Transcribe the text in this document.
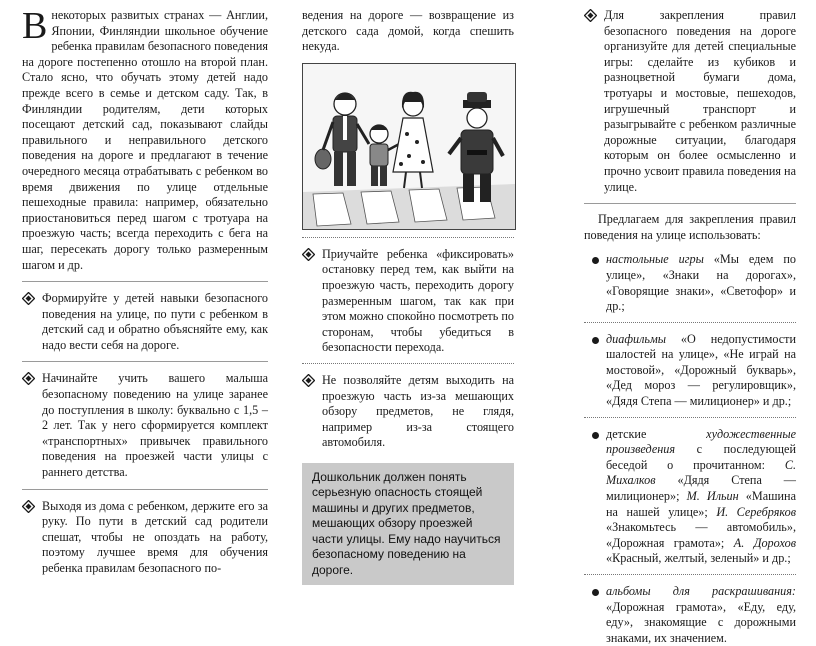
Внекоторых развитых странах — Англии, Японии, Финляндии школьное обучение ребенка правилам безопасного поведения на дороге постепенно отошло на второй план. Стало ясно, что обучать этому детей надо прежде всего в семье и детском саду. Так, в Финляндии родителям, дети которых посещают детский сад, показывают слайды правильного и неправильного детского поведения на дороге и предлагают в течение очередного месяца отрабатывать с ребенком во время движения по улице отдельные пешеходные правила: например, обязательно приостановиться перед шагом с тротуара на проезжую часть; всегда переходить с бега на шаг, пересекать дорогу только размеренным шагом и др.

Формируйте у детей навыки безопасного поведения на улице, по пути с ребенком в детский сад и обратно объясняйте ему, как надо вести себя на дороге.

Начинайте учить вашего малыша безопасному поведению на улице заранее до поступления в школу: буквально с 1,5 – 2 лет. Так у него сформируется комплект «транспортных» привычек правильного поведения на проезжей части улицы с раннего детства.

Выходя из дома с ребенком, держите его за руку. По пути в детский сад родители спешат, чтобы не опоздать на работу, поэтому лучшее время для обучения ребенка правилам безопасного по-

ведения на дороге — возвращение из детского сада домой, когда спешить некуда.

Приучайте ребенка «фиксировать» остановку перед тем, как выйти на проезжую часть, переходить дорогу размеренным шагом, так как при этом можно спокойно посмотреть по сторонам, чтобы убедиться в безопасности перехода.

Не позволяйте детям выходить на проезжую часть из-за мешающих обзору предметов, не глядя, например из-за стоящего автомобиля.

Дошкольник должен понять серьезную опасность стоящей машины и других предметов, мешающих обзору проезжей части улицы. Ему надо научиться безопасному поведению на дороге.

Для закрепления правил безопасного поведения на дороге организуйте для детей специальные игры: сделайте из кубиков и разноцветной бумаги дома, тротуары и мостовые, пешеходов, игрушечный транспорт и разыгрывайте с ребенком различные дорожные ситуации, благодаря которым он более осмысленно и прочно усвоит правила поведения на улице.

Предлагаем для закрепления правил поведения на улице использовать:

настольные игры «Мы едем по улице», «Знаки на дорогах», «Говорящие знаки», «Светофор» и др.;

диафильмы «О недопустимости шалостей на улице», «Не играй на мостовой», «Дорожный букварь», «Дед мороз — регулировщик», «Дядя Степа — милиционер» и др.;

детские художественные произведения с последующей беседой о прочитанном: С. Михалков «Дядя Степа — милиционер»; М. Ильин «Машина на нашей улице»; И. Серебряков «Знакомьтесь — автомобиль», «Дорожная грамота»; А. Дорохов «Красный, желтый, зеленый» и др.;

альбомы для раскрашивания: «Дорожная грамота», «Еду, еду, еду», знакомящие с дорожными знаками, их значением.
